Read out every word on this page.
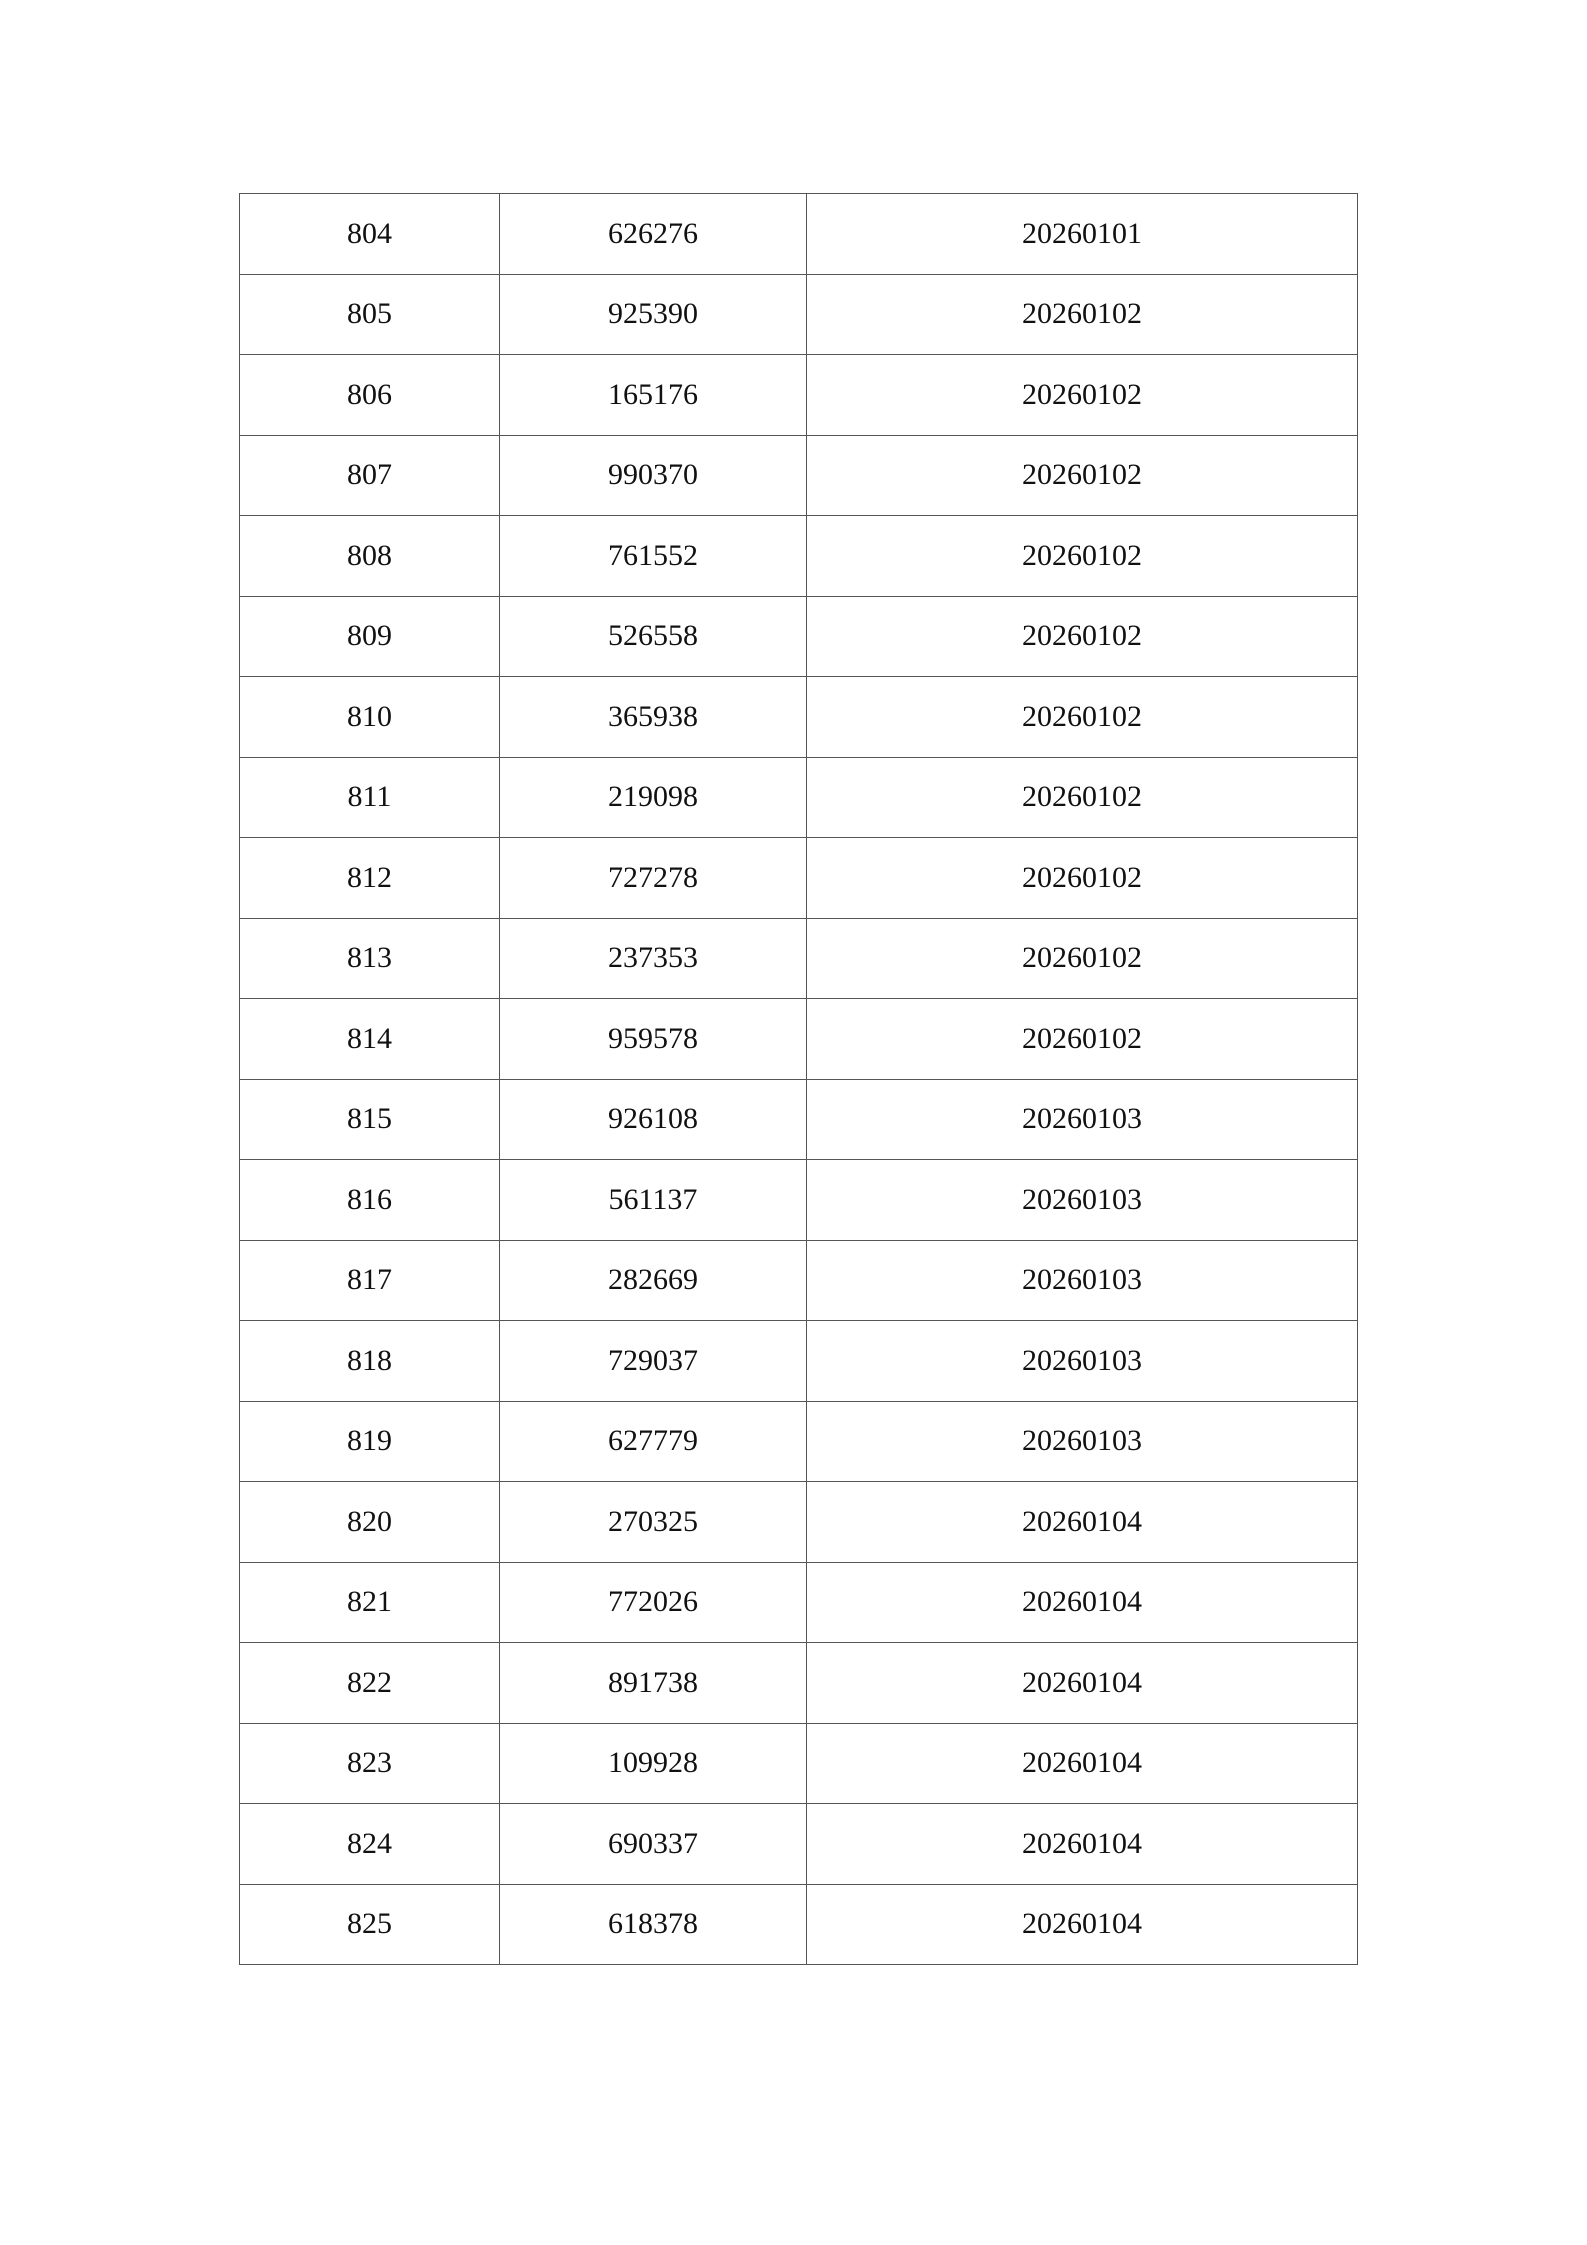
804	626276	20260101
805	925390	20260102
806	165176	20260102
807	990370	20260102
808	761552	20260102
809	526558	20260102
810	365938	20260102
811	219098	20260102
812	727278	20260102
813	237353	20260102
814	959578	20260102
815	926108	20260103
816	561137	20260103
817	282669	20260103
818	729037	20260103
819	627779	20260103
820	270325	20260104
821	772026	20260104
822	891738	20260104
823	109928	20260104
824	690337	20260104
825	618378	20260104
